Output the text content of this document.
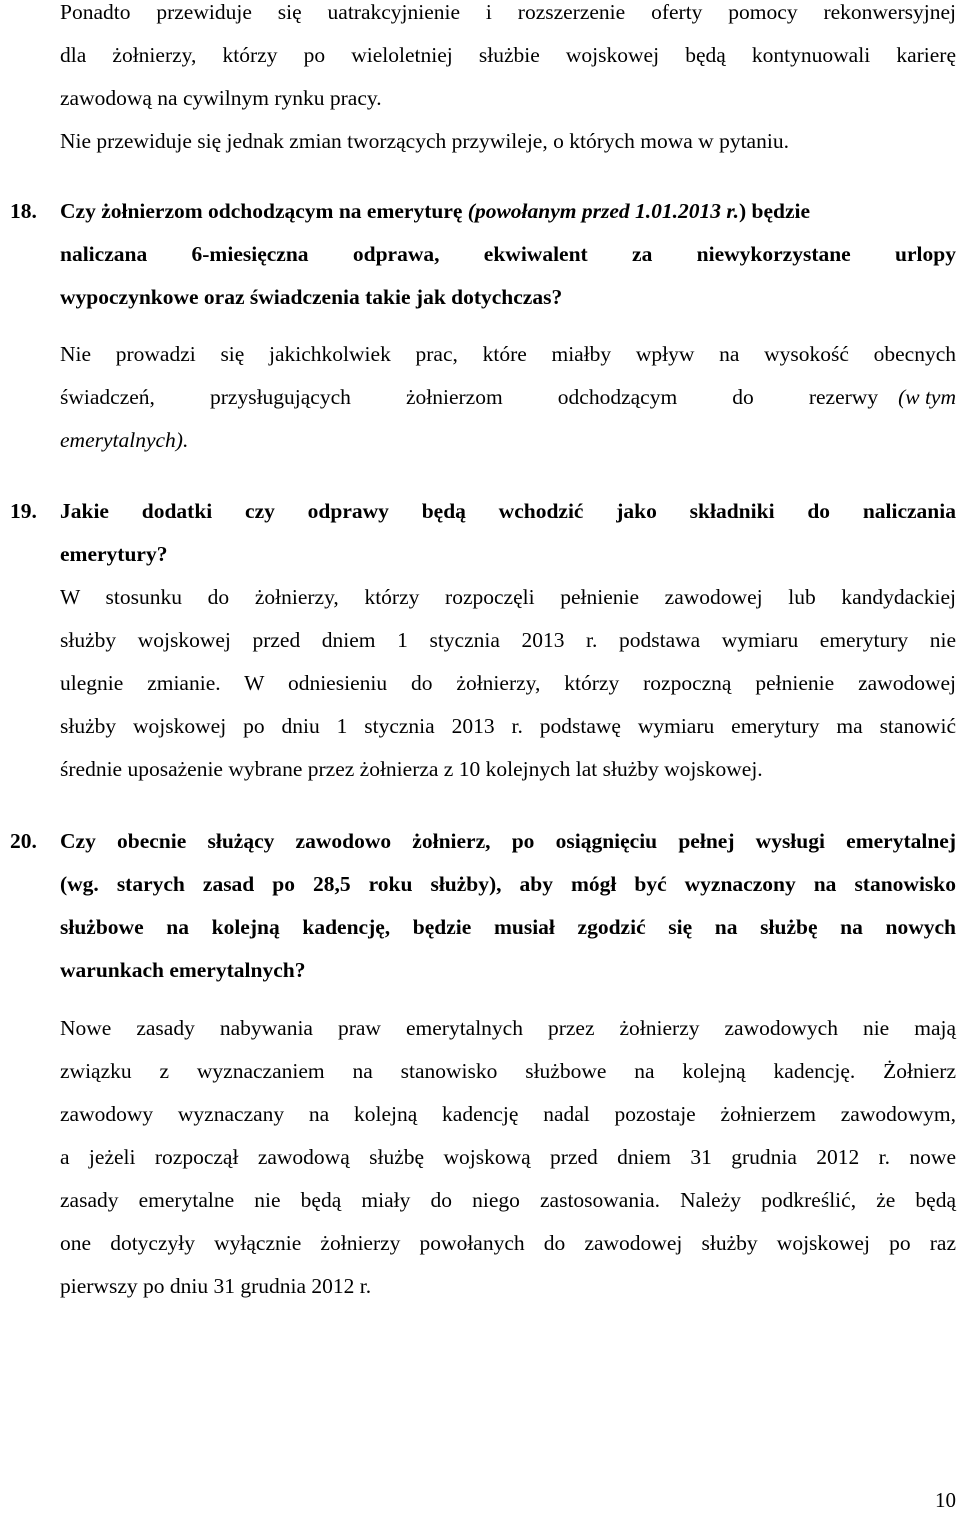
Ponadto przewiduje się uatrakcyjnienie i rozszerzenie oferty pomocy rekonwersyjnej
dla żołnierzy, którzy po wieloletniej służbie wojskowej będą kontynuowali karierę
zawodową na cywilnym rynku pracy.
Nie przewiduje się jednak zmian tworzących przywileje, o których mowa w pytaniu.
18. Czy żołnierzom odchodzącym na emeryturę (powołanym przed 1.01.2013 r.) będzie
naliczana 6-miesięczna odprawa, ekwiwalent za niewykorzystane urlopy
wypoczynkowe oraz świadczenia takie jak dotychczas?
Nie prowadzi się jakichkolwiek prac, które miałby wpływ na wysokość obecnych
świadczeń, przysługujących żołnierzom odchodzącym do rezerwy (w tym
emerytalnych).
19. Jakie dodatki czy odprawy będą wchodzić jako składniki do naliczania
emerytury?
W stosunku do żołnierzy, którzy rozpoczęli pełnienie zawodowej lub kandydackiej
służby wojskowej przed dniem 1 stycznia 2013 r. podstawa wymiaru emerytury nie
ulegnie zmianie. W odniesieniu do żołnierzy, którzy rozpoczną pełnienie zawodowej
służby wojskowej po dniu 1 stycznia 2013 r. podstawę wymiaru emerytury ma stanowić
średnie uposażenie wybrane przez żołnierza z 10 kolejnych lat służby wojskowej.
20. Czy obecnie służący zawodowo żołnierz, po osiągnięciu pełnej wysługi emerytalnej
(wg. starych zasad po 28,5 roku służby), aby mógł być wyznaczony na stanowisko
służbowe na kolejną kadencję, będzie musiał zgodzić się na służbę na nowych
warunkach emerytalnych?
Nowe zasady nabywania praw emerytalnych przez żołnierzy zawodowych nie mają
związku z wyznaczaniem na stanowisko służbowe na kolejną kadencję. Żołnierz
zawodowy wyznaczany na kolejną kadencję nadal pozostaje żołnierzem zawodowym,
a jeżeli rozpoczął zawodową służbę wojskową przed dniem 31 grudnia 2012 r. nowe
zasady emerytalne nie będą miały do niego zastosowania. Należy podkreślić, że będą
one dotyczyły wyłącznie żołnierzy powołanych do zawodowej służby wojskowej po raz
pierwszy po dniu 31 grudnia 2012 r.
10
